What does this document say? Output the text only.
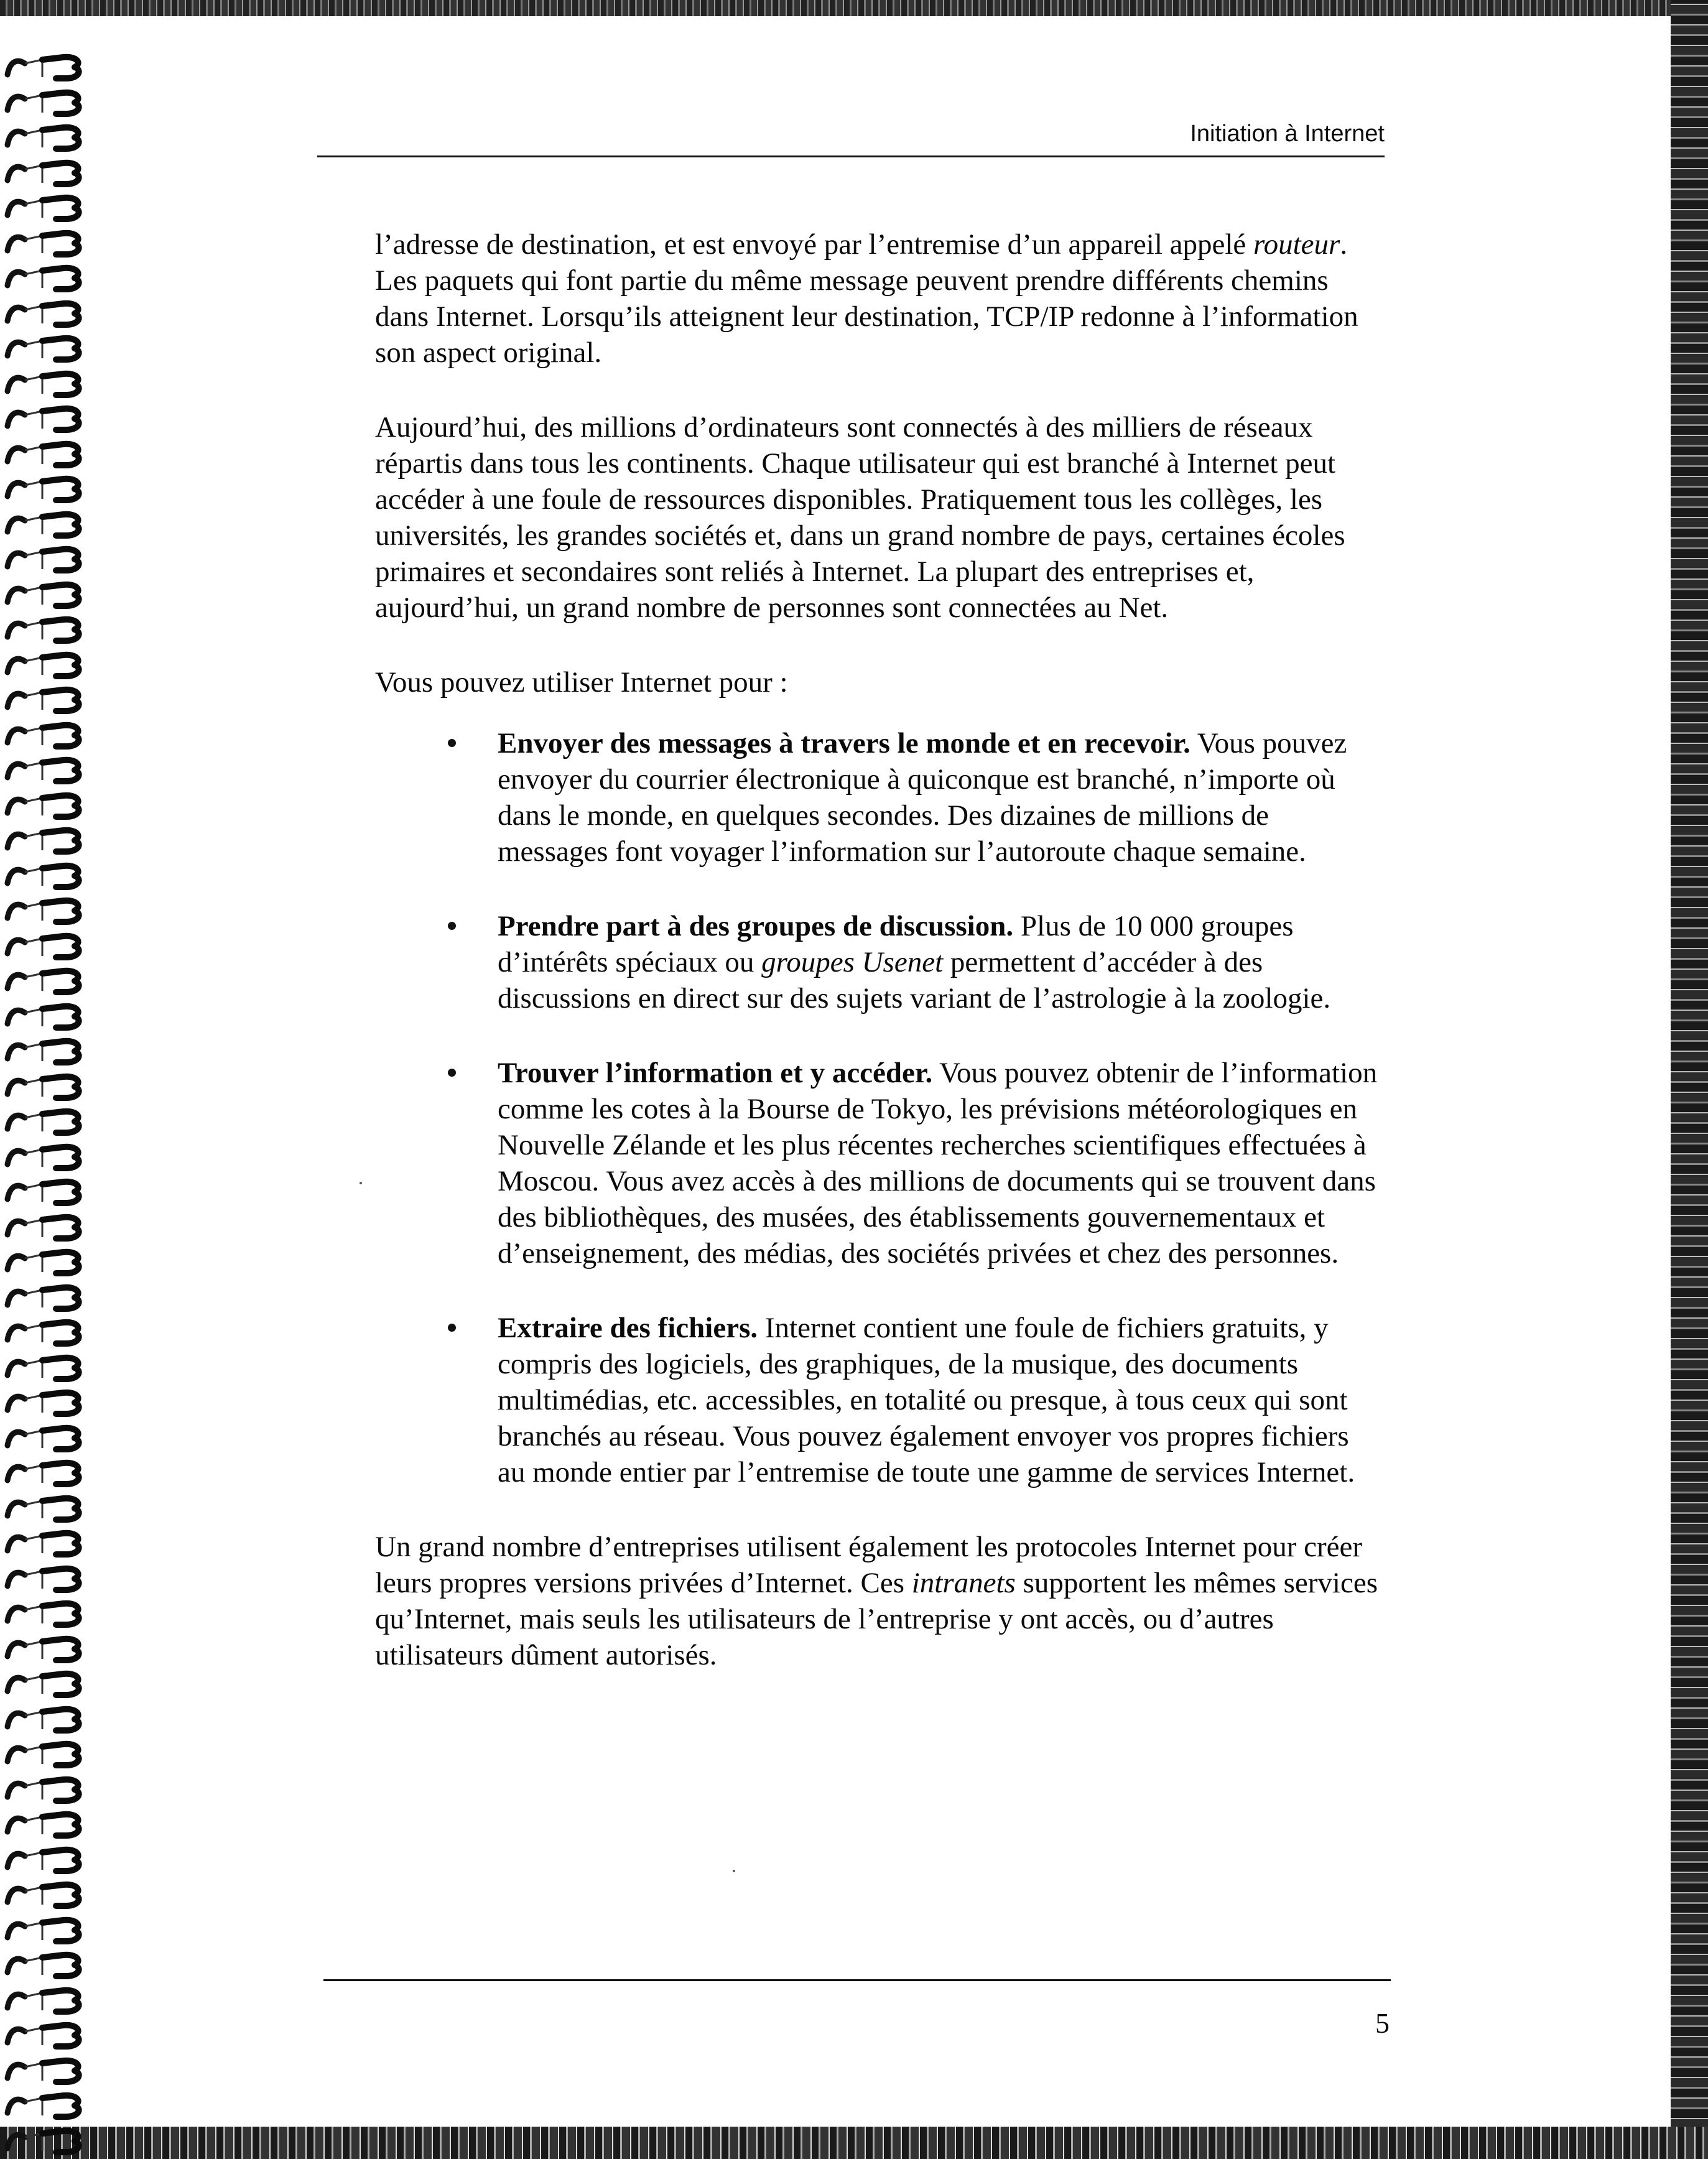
Initiation à Internet

l’adresse de destination, et est envoyé par l’entremise d’un appareil appelé routeur. Les paquets qui font partie du même message peuvent prendre différents chemins dans Internet. Lorsqu’ils atteignent leur destination, TCP/IP redonne à l’information son aspect original.

Aujourd’hui, des millions d’ordinateurs sont connectés à des milliers de réseaux répartis dans tous les continents. Chaque utilisateur qui est branché à Internet peut accéder à une foule de ressources disponibles. Pratiquement tous les collèges, les universités, les grandes sociétés et, dans un grand nombre de pays, certaines écoles primaires et secondaires sont reliés à Internet. La plupart des entreprises et, aujourd’hui, un grand nombre de personnes sont connectées au Net.

Vous pouvez utiliser Internet pour :

Envoyer des messages à travers le monde et en recevoir. Vous pouvez envoyer du courrier électronique à quiconque est branché, n’importe où dans le monde, en quelques secondes. Des dizaines de millions de messages font voyager l’information sur l’autoroute chaque semaine.
Prendre part à des groupes de discussion. Plus de 10 000 groupes d’intérêts spéciaux ou groupes Usenet permettent d’accéder à des discussions en direct sur des sujets variant de l’astrologie à la zoologie.
Trouver l’information et y accéder. Vous pouvez obtenir de l’information comme les cotes à la Bourse de Tokyo, les prévisions météorologiques en Nouvelle Zélande et les plus récentes recherches scientifiques effectuées à Moscou. Vous avez accès à des millions de documents qui se trouvent dans des bibliothèques, des musées, des établissements gouvernementaux et d’enseignement, des médias, des sociétés privées et chez des personnes.
Extraire des fichiers. Internet contient une foule de fichiers gratuits, y compris des logiciels, des graphiques, de la musique, des documents multimédias, etc. accessibles, en totalité ou presque, à tous ceux qui sont branchés au réseau. Vous pouvez également envoyer vos propres fichiers au monde entier par l’entremise de toute une gamme de services Internet.

Un grand nombre d’entreprises utilisent également les protocoles Internet pour créer leurs propres versions privées d’Internet. Ces intranets supportent les mêmes services qu’Internet, mais seuls les utilisateurs de l’entreprise y ont accès, ou d’autres utilisateurs dûment autorisés.

5
